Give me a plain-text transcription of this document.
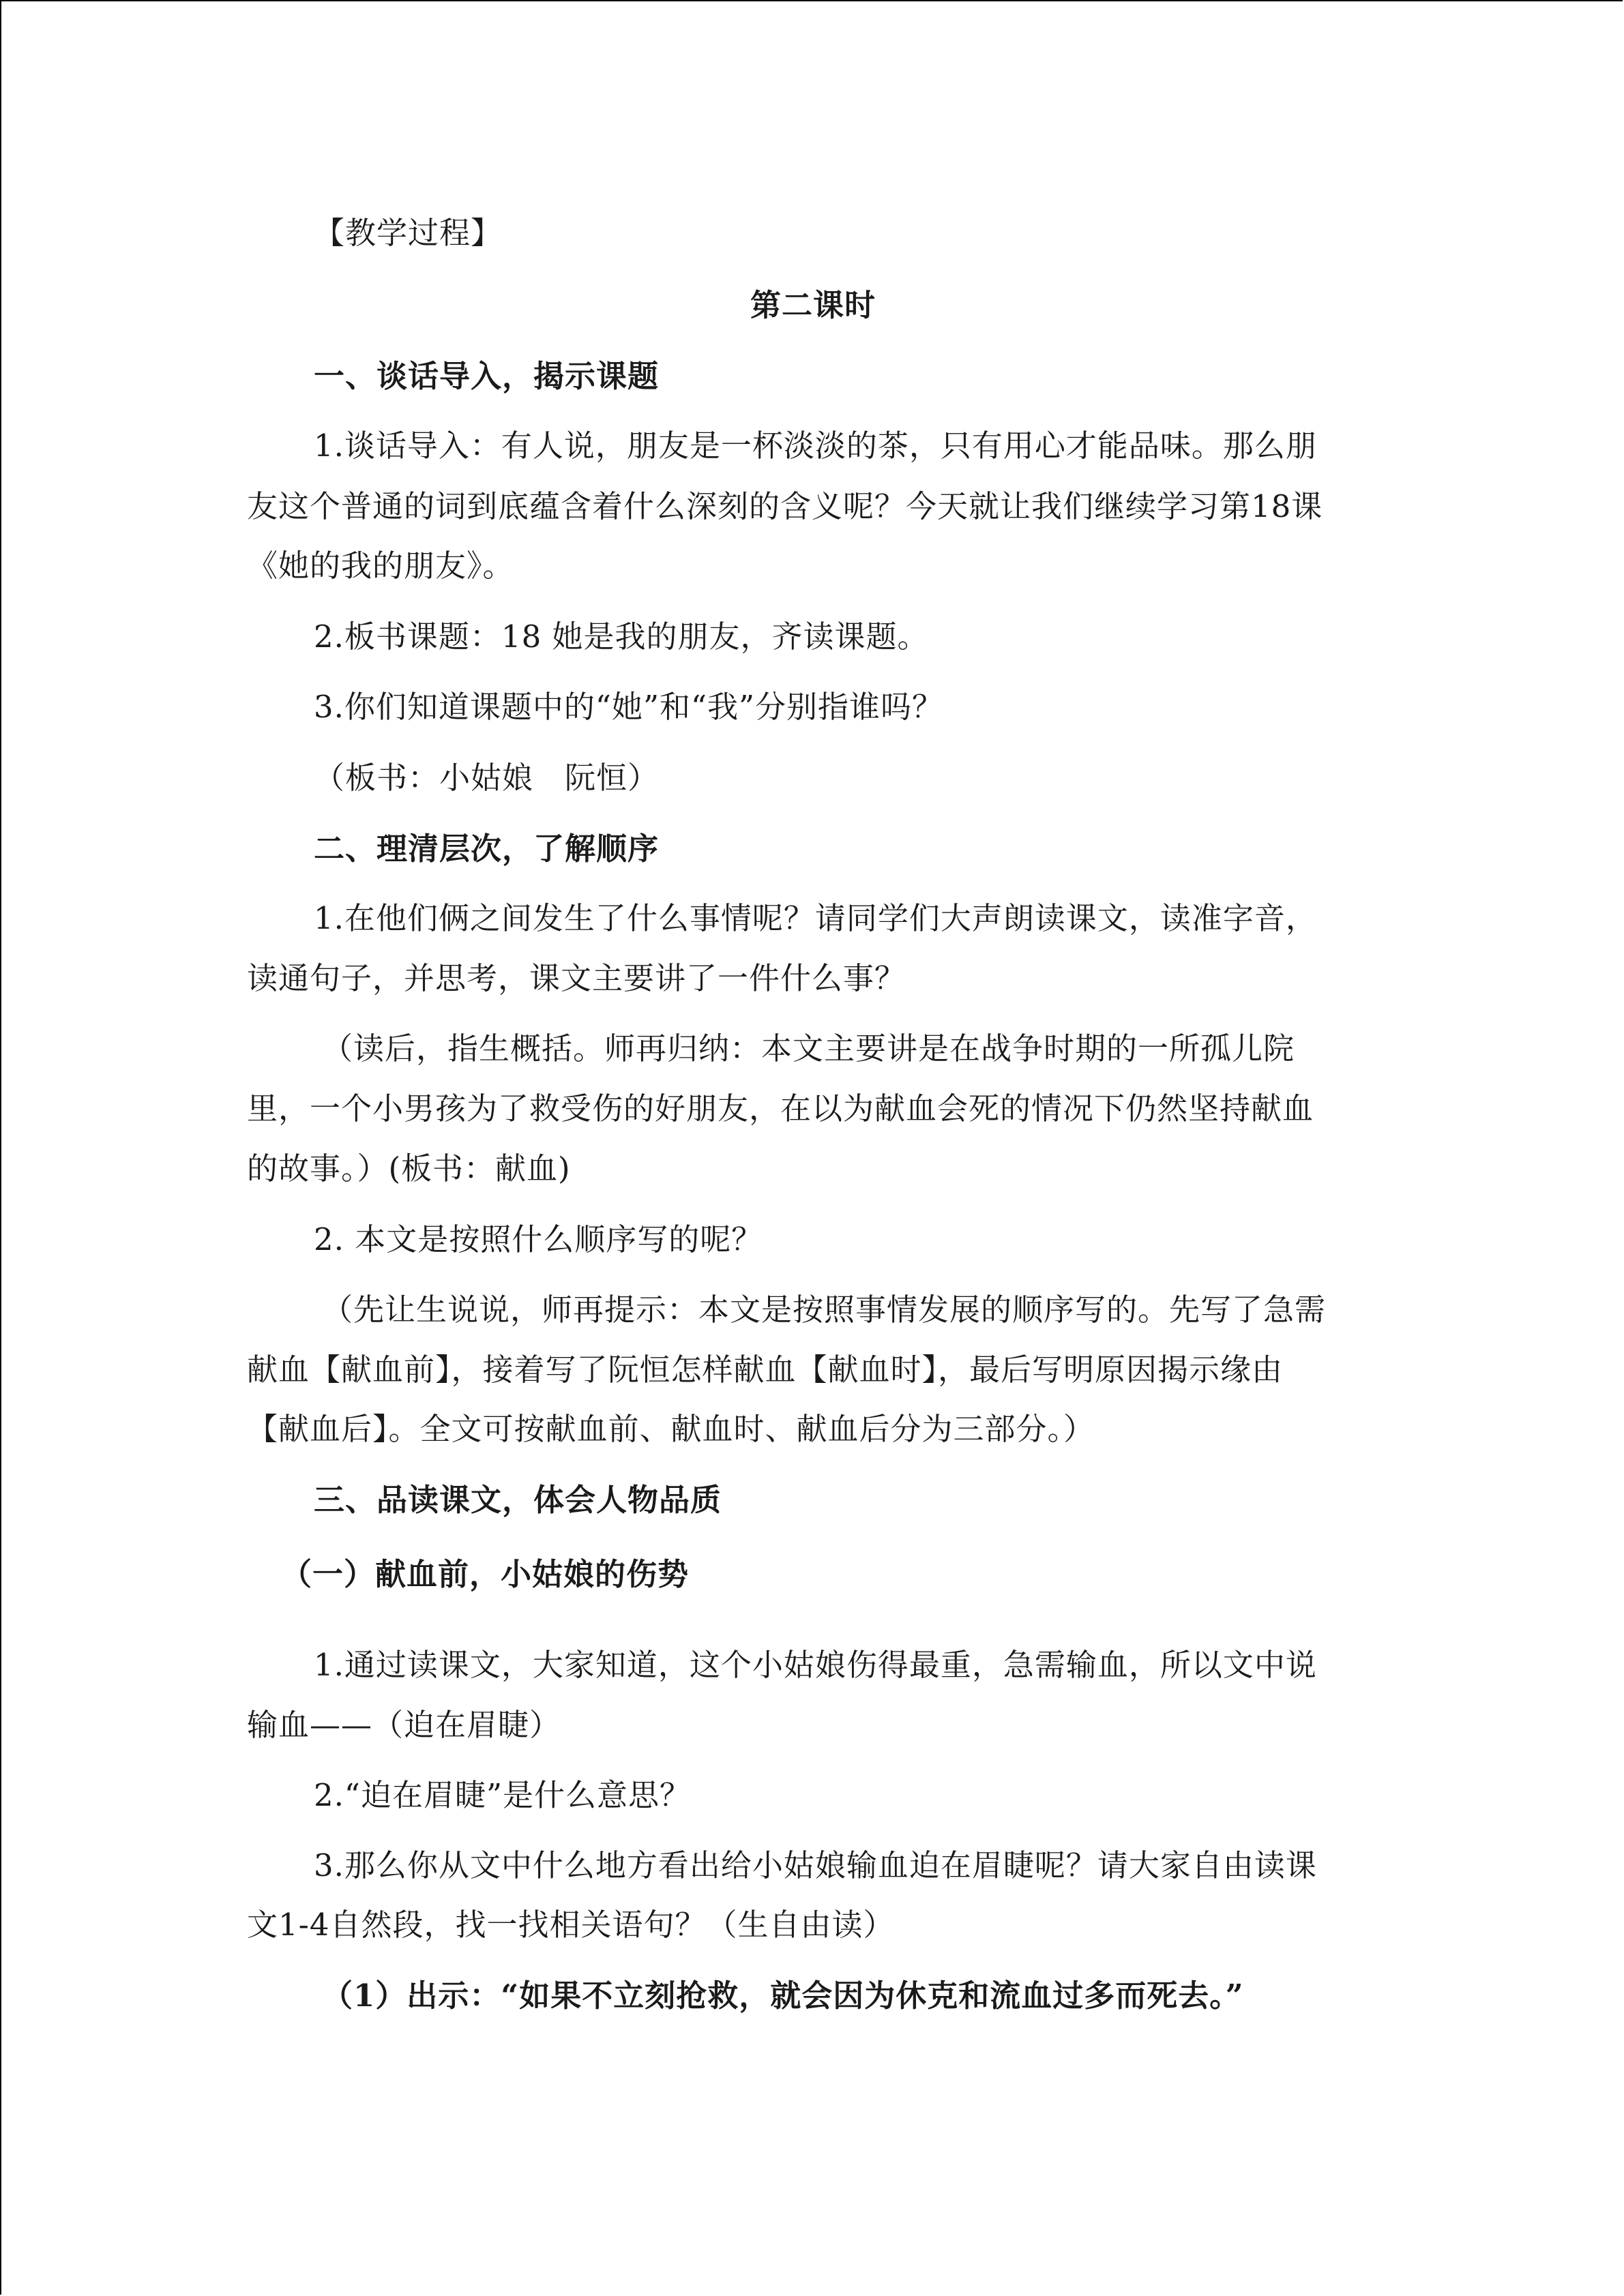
【教学过程】
第二课时
一、谈话导入，揭示课题
1.谈话导入：有人说，朋友是一杯淡淡的茶，只有用心才能品味。那么朋
友这个普通的词到底蕴含着什么深刻的含义呢？今天就让我们继续学习第18课
《她的我的朋友》。
2.板书课题：18 她是我的朋友，齐读课题。
3.你们知道课题中的“她”和“我”分别指谁吗？
（板书：小姑娘　阮恒）
二、理清层次，了解顺序
1.在他们俩之间发生了什么事情呢？请同学们大声朗读课文，读准字音，
读通句子，并思考，课文主要讲了一件什么事？
（读后，指生概括。师再归纳：本文主要讲是在战争时期的一所孤儿院
里，一个小男孩为了救受伤的好朋友，在以为献血会死的情况下仍然坚持献血
的故事。）(板书：献血)
2. 本文是按照什么顺序写的呢？
（先让生说说，师再提示：本文是按照事情发展的顺序写的。先写了急需
献血【献血前】，接着写了阮恒怎样献血【献血时】，最后写明原因揭示缘由
【献血后】。全文可按献血前、献血时、献血后分为三部分。）
三、品读课文，体会人物品质
（一）献血前，小姑娘的伤势
1.通过读课文，大家知道，这个小姑娘伤得最重，急需输血，所以文中说
输血——（迫在眉睫）
2.“迫在眉睫”是什么意思？
3.那么你从文中什么地方看出给小姑娘输血迫在眉睫呢？请大家自由读课
文1-4自然段，找一找相关语句？（生自由读）
（1）出示：“如果不立刻抢救，就会因为休克和流血过多而死去。”
